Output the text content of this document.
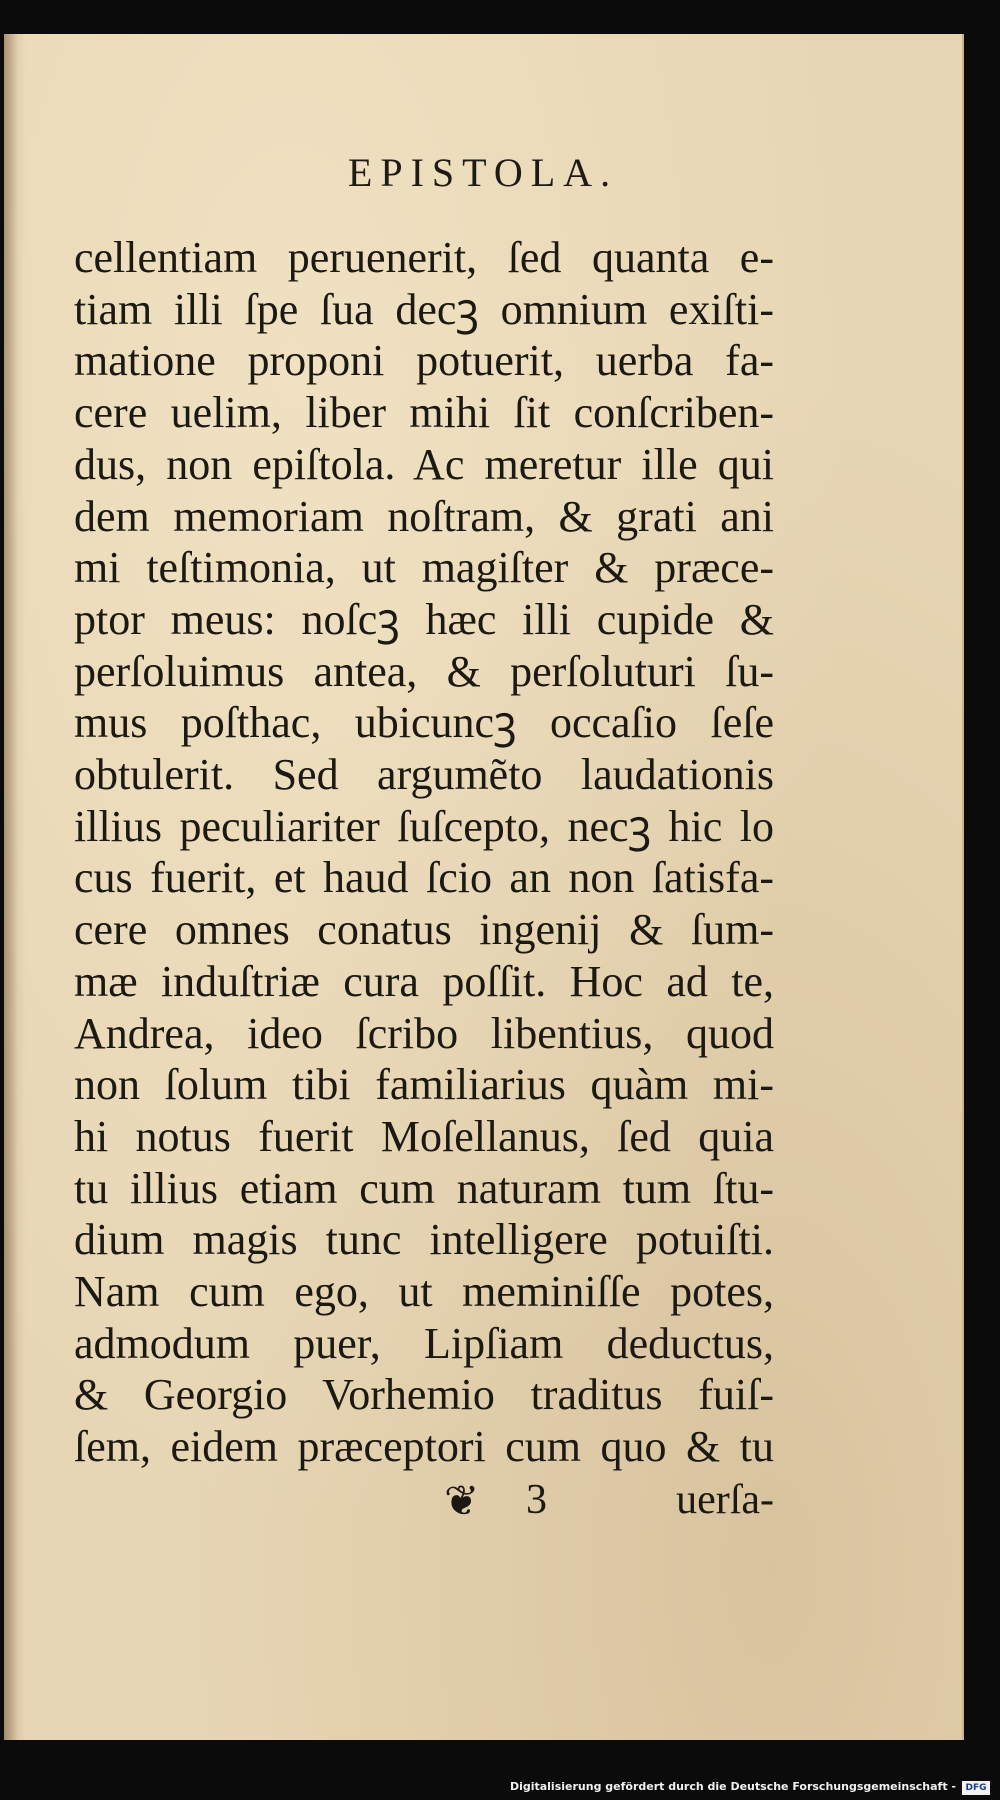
EPISTOLA.
cellentiam peruenerit, ſed quanta e-
tiam illi ſpe ſua decꝫ omnium exiſti-
matione proponi potuerit, uerba fa-
cere uelim, liber mihi ſit conſcriben-
dus, non epiſtola. Ac meretur ille qui
dem memoriam noſtram, & grati ani
mi teſtimonia, ut magiſter & præce-
ptor meus: noſcꝫ hæc illi cupide &
perſoluimus antea, & perſoluturi ſu-
mus poſthac, ubicuncꝫ occaſio ſeſe
obtulerit. Sed argumẽto laudationis
illius peculiariter ſuſcepto, necꝫ hic lo
cus fuerit, et haud ſcio an non ſatisfa-
cere omnes conatus ingenij & ſum-
mæ induſtriæ cura poſſit. Hoc ad te,
Andrea, ideo ſcribo libentius, quod
non ſolum tibi familiarius quàm mi-
hi notus fuerit Moſellanus, ſed quia
tu illius etiam cum naturam tum ſtu-
dium magis tunc intelligere potuiſti.
Nam cum ego, ut meminiſſe potes,
admodum puer, Lipſiam deductus,
& Georgio Vorhemio traditus fuiſ-
ſem, eidem præceptori cum quo & tu
❦ 3	uerſa-
Digitalisierung gefördert durch die Deutsche Forschungsgemeinschaft -	DFG
